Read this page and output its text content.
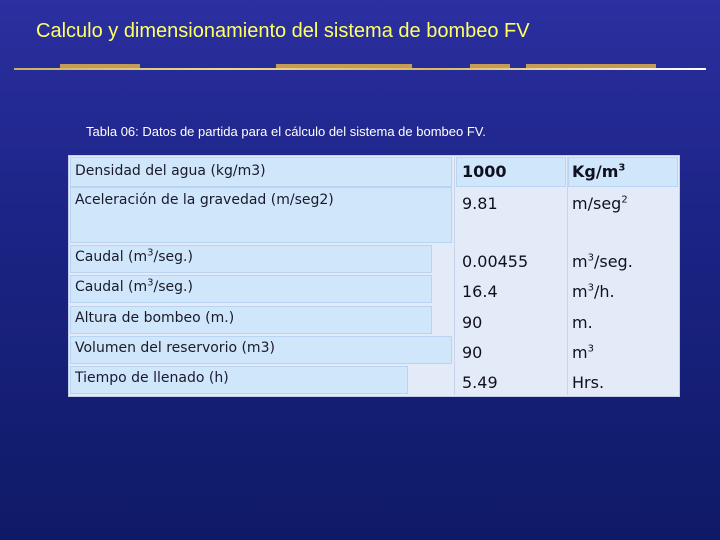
Calculo y dimensionamiento del sistema de bombeo FV
Tabla 06: Datos de partida para el cálculo del sistema de bombeo FV.
Densidad del agua (kg/m3)	1000	$Kg/m^3$
Aceleración de la gravedad (m/seg2)	9.81	m/seg$^2$
Caudal $(m^3/seg.)$	0.00455	$m^3$/seg.
Caudal $(m^3/seg.)$	16.4	$m^3/h$.
Altura de bombeo (m.)	90	m.
Volumen del reservorio (m3)	90	$m^3$
Tiempo de llenado (h)	5.49	Hrs.
